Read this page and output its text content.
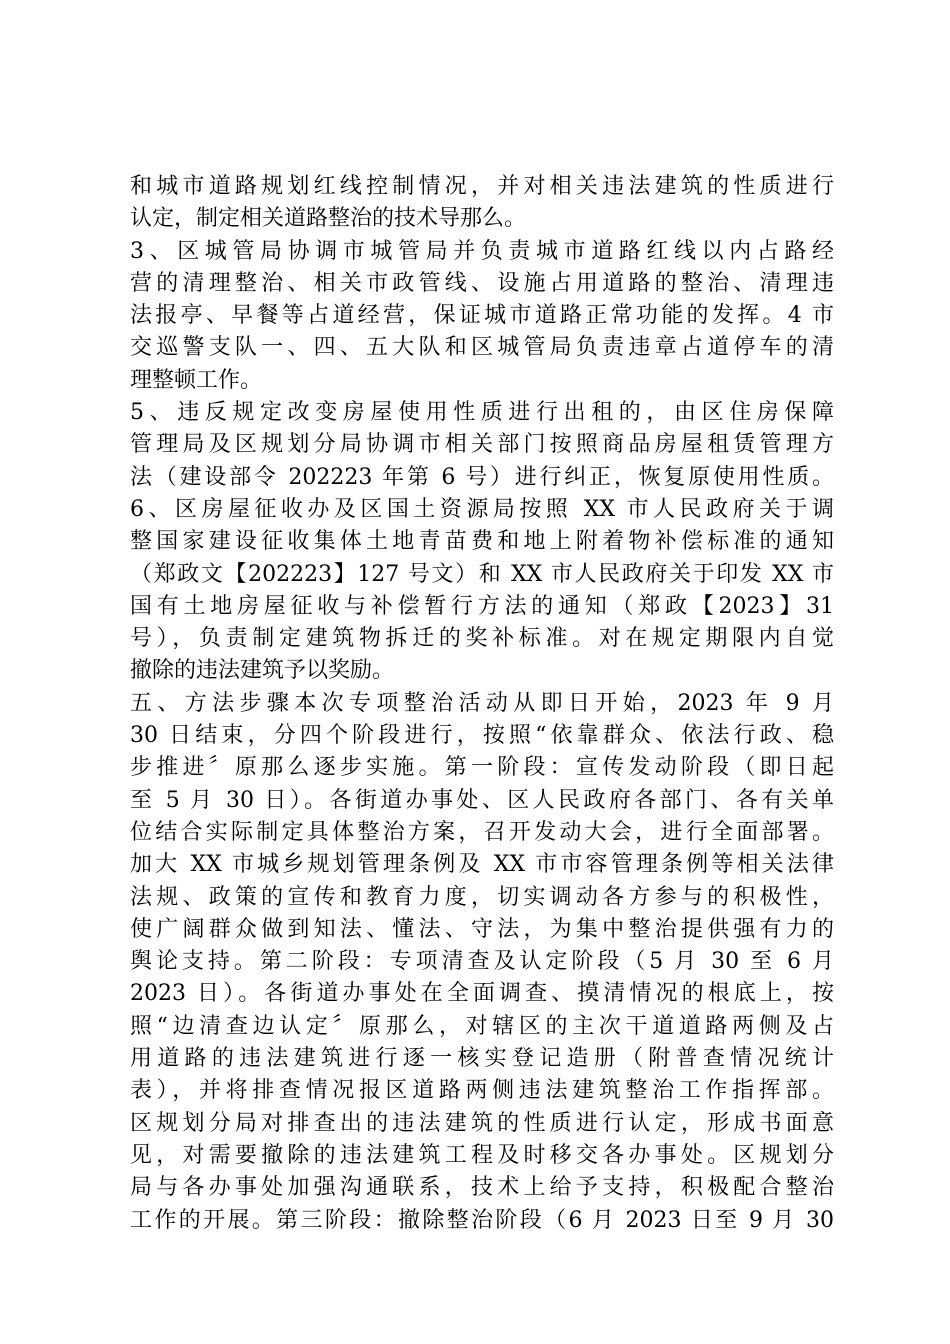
和城市道路规划红线控制情况，并对相关违法建筑的性质进行
认定，制定相关道路整治的技术导那么。
3、区城管局协调市城管局并负责城市道路红线以内占路经
营的清理整治、相关市政管线、设施占用道路的整治、清理违
法报亭、早餐等占道经营，保证城市道路正常功能的发挥。4 市
交巡警支队一、四、五大队和区城管局负责违章占道停车的清
理整顿工作。
5、违反规定改变房屋使用性质进行出租的，由区住房保障
管理局及区规划分局协调市相关部门按照商品房屋租赁管理方
法（建设部令 202223 年第 6 号）进行纠正，恢复原使用性质。
6、区房屋征收办及区国土资源局按照 XX 市人民政府关于调
整国家建设征收集体土地青苗费和地上附着物补偿标准的通知
（郑政文【202223】127 号文）和 XX 市人民政府关于印发 XX 市
国有土地房屋征收与补偿暂行方法的通知（郑政【2023】31
号），负责制定建筑物拆迁的奖补标准。对在规定期限内自觉
撤除的违法建筑予以奖励。
五、方法步骤本次专项整治活动从即日开始，2023 年 9 月
30 日结束，分四个阶段进行，按照“依靠群众、依法行政、稳
步推进〞原那么逐步实施。第一阶段：宣传发动阶段（即日起
至 5 月 30 日）。各街道办事处、区人民政府各部门、各有关单
位结合实际制定具体整治方案，召开发动大会，进行全面部署。
加大 XX 市城乡规划管理条例及 XX 市市容管理条例等相关法律
法规、政策的宣传和教育力度，切实调动各方参与的积极性，
使广阔群众做到知法、懂法、守法，为集中整治提供强有力的
舆论支持。第二阶段：专项清查及认定阶段（5 月 30 至 6 月
2023 日）。各街道办事处在全面调查、摸清情况的根底上，按
照“边清查边认定〞原那么，对辖区的主次干道道路两侧及占
用道路的违法建筑进行逐一核实登记造册（附普查情况统计
表），并将排查情况报区道路两侧违法建筑整治工作指挥部。
区规划分局对排查出的违法建筑的性质进行认定，形成书面意
见，对需要撤除的违法建筑工程及时移交各办事处。区规划分
局与各办事处加强沟通联系，技术上给予支持，积极配合整治
工作的开展。第三阶段：撤除整治阶段（6 月 2023 日至 9 月 30
